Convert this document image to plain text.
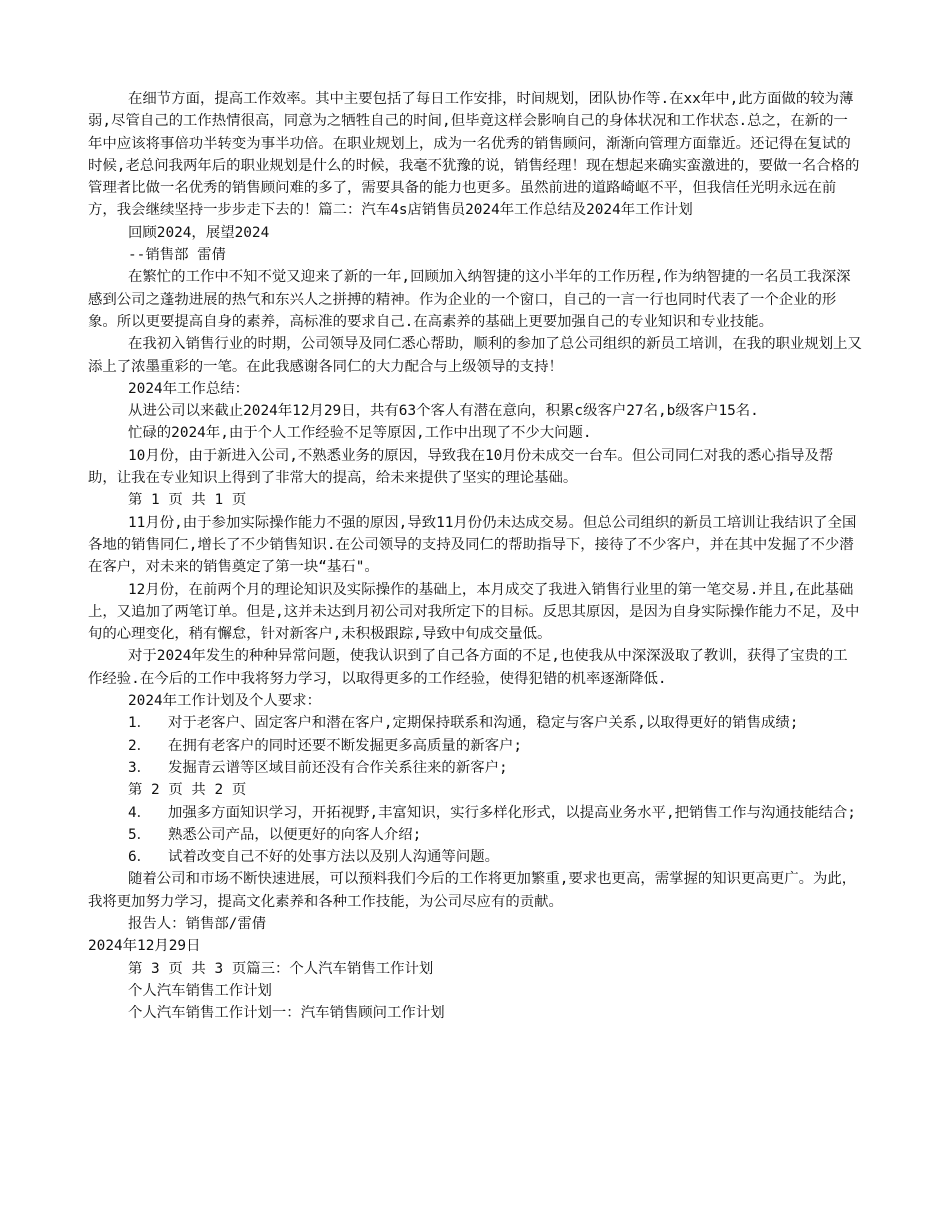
在细节方面，提高工作效率。其中主要包括了每日工作安排，时间规划，团队协作等.在xx年中,此方面做的较为薄弱,尽管自己的工作热情很高，同意为之牺牲自己的时间,但毕竟这样会影响自己的身体状况和工作状态.总之，在新的一年中应该将事倍功半转变为事半功倍。在职业规划上，成为一名优秀的销售顾问，渐渐向管理方面靠近。还记得在复试的时候,老总问我两年后的职业规划是什么的时候，我毫不犹豫的说，销售经理！现在想起来确实蛮激进的，要做一名合格的管理者比做一名优秀的销售顾问难的多了，需要具备的能力也更多。虽然前进的道路崎岖不平，但我信任光明永远在前方，我会继续坚持一步步走下去的！篇二：汽车4s店销售员2024年工作总结及2024年工作计划

回顾2024，展望2024

--销售部 雷倩

在繁忙的工作中不知不觉又迎来了新的一年,回顾加入纳智捷的这小半年的工作历程,作为纳智捷的一名员工我深深感到公司之蓬勃进展的热气和东兴人之拼搏的精神。作为企业的一个窗口，自己的一言一行也同时代表了一个企业的形象。所以更要提高自身的素养，高标准的要求自己.在高素养的基础上更要加强自己的专业知识和专业技能。

在我初入销售行业的时期，公司领导及同仁悉心帮助，顺利的参加了总公司组织的新员工培训，在我的职业规划上又添上了浓墨重彩的一笔。在此我感谢各同仁的大力配合与上级领导的支持！

2024年工作总结：

从进公司以来截止2024年12月29日，共有63个客人有潜在意向，积累c级客户27名,b级客户15名.

忙碌的2024年,由于个人工作经验不足等原因,工作中出现了不少大问题.

10月份，由于新进入公司,不熟悉业务的原因，导致我在10月份未成交一台车。但公司同仁对我的悉心指导及帮助，让我在专业知识上得到了非常大的提高，给未来提供了坚实的理论基础。

第 1 页 共 1 页

11月份,由于参加实际操作能力不强的原因,导致11月份仍未达成交易。但总公司组织的新员工培训让我结识了全国各地的销售同仁,增长了不少销售知识.在公司领导的支持及同仁的帮助指导下，接待了不少客户，并在其中发掘了不少潜在客户，对未来的销售奠定了第一块“基石"。

12月份，在前两个月的理论知识及实际操作的基础上，本月成交了我进入销售行业里的第一笔交易.并且,在此基础上，又追加了两笔订单。但是,这并未达到月初公司对我所定下的目标。反思其原因，是因为自身实际操作能力不足，及中旬的心理变化，稍有懈怠，针对新客户,未积极跟踪,导致中旬成交量低。

对于2024年发生的种种异常问题，使我认识到了自己各方面的不足,也使我从中深深汲取了教训，获得了宝贵的工作经验.在今后的工作中我将努力学习，以取得更多的工作经验，使得犯错的机率逐渐降低.

2024年工作计划及个人要求：

1．	对于老客户、固定客户和潜在客户,定期保持联系和沟通，稳定与客户关系,以取得更好的销售成绩;
2．	在拥有老客户的同时还要不断发掘更多高质量的新客户;
3．	发掘青云谱等区域目前还没有合作关系往来的新客户;

第 2 页 共 2 页

4．	加强多方面知识学习，开拓视野,丰富知识，实行多样化形式，以提高业务水平,把销售工作与沟通技能结合;
5．	熟悉公司产品，以便更好的向客人介绍;
6．	试着改变自己不好的处事方法以及别人沟通等问题。

随着公司和市场不断快速进展，可以预料我们今后的工作将更加繁重,要求也更高，需掌握的知识更高更广。为此，我将更加努力学习，提高文化素养和各种工作技能，为公司尽应有的贡献。

报告人：销售部/雷倩

2024年12月29日

第 3 页 共 3 页篇三：个人汽车销售工作计划

个人汽车销售工作计划

个人汽车销售工作计划一：汽车销售顾问工作计划
